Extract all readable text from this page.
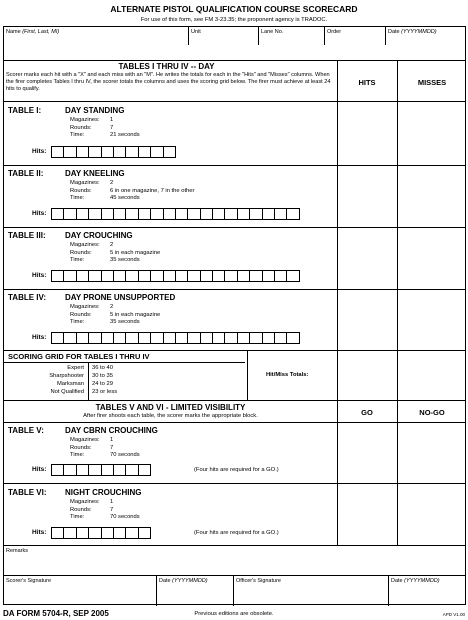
ALTERNATE PISTOL QUALIFICATION COURSE SCORECARD
For use of this form, see FM 3-23.35; the proponent agency is TRADOC.
Name (First, Last, MI)	Unit	Lane No.	Order	Date (YYYYMMDD)
TABLES I THRU IV -- DAY
Scorer marks each hit with a "X" and each miss with an "M". He writes the totals for each in the "Hits" and "Misses" columns. When the firer completes Tables I thru IV, the scorer totals the columns and uses the scoring grid below. The firer must achieve at least 24 hits to qualify.
HITS	MISSES
TABLE I:	DAY STANDING
Magazines: 1
Rounds:	7
Time:	21 seconds
Hits:
TABLE II:	DAY KNEELING
Magazines: 2
Rounds:	6 in one magazine, 7 in the other
Time:	45 seconds
Hits:
TABLE III: DAY CROUCHING
Magazines: 2
Rounds:	5 in each magazine
Time:	35 seconds
Hits:
TABLE IV: DAY PRONE UNSUPPORTED
Magazines: 2
Rounds:	5 in each magazine
Time:	35 seconds
Hits:
SCORING GRID FOR TABLES I THRU IV
Expert 36 to 40
Sharpshooter 30 to 35
Marksman 24 to 29
Not Qualified 23 or less
Hit/Miss Totals:
TABLES V AND VI - LIMITED VISIBILITY
After firer shoots each table, the scorer marks the appropriate block.	GO	NO-GO
TABLE V:	DAY CBRN CROUCHING
Magazines: 1
Rounds:	7
Time:	70 seconds
Hits:	(Four hits are required for a GO.)
TABLE VI: NIGHT CROUCHING
Magazines: 1
Rounds:	7
Time:	70 seconds
Hits:	(Four hits are required for a GO.)
Remarks
Scorer's Signature	Date (YYYYMMDD)	Officer's Signature	Date (YYYYMMDD)
DA FORM 5704-R, SEP 2005	Previous editions are obsolete.	APD V1.00
